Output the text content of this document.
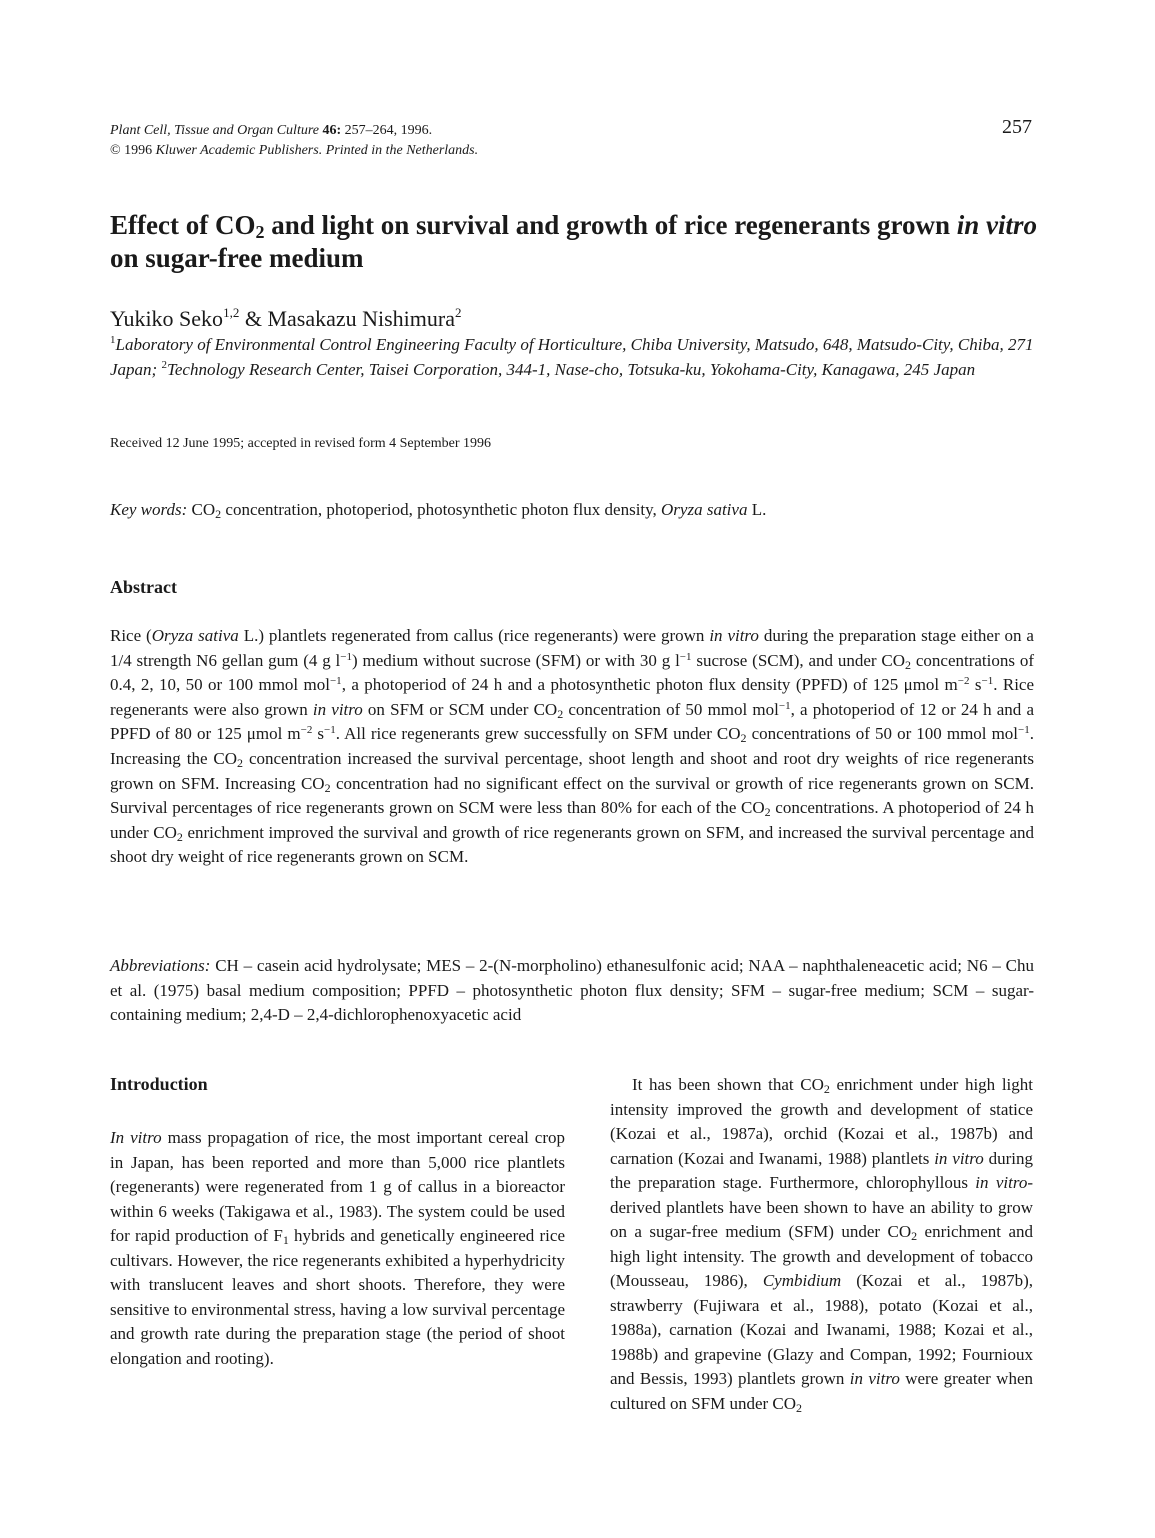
Plant Cell, Tissue and Organ Culture 46: 257–264, 1996.
© 1996 Kluwer Academic Publishers. Printed in the Netherlands.
257
Effect of $CO_2$ and light on survival and growth of rice regenerants grown in vitro on sugar-free medium
Yukiko Seko$^{1,2}$ & Masakazu Nishimura$^2$
$^1$Laboratory of Environmental Control Engineering Faculty of Horticulture, Chiba University, Matsudo, 648, Matsudo-City, Chiba, 271 Japan; $^2$Technology Research Center, Taisei Corporation, 344-1, Nase-cho, Totsuka-ku, Yokohama-City, Kanagawa, 245 Japan
Received 12 June 1995; accepted in revised form 4 September 1996
Key words: $CO_2$ concentration, photoperiod, photosynthetic photon flux density, Oryza sativa L.
Abstract
Rice (Oryza sativa L.) plantlets regenerated from callus (rice regenerants) were grown in vitro during the preparation stage either on a 1/4 strength N6 gellan gum (4 g $l^{-1}$) medium without sucrose (SFM) or with 30 g $l^{-1}$ sucrose (SCM), and under $CO_2$ concentrations of 0.4, 2, 10, 50 or 100 mmol mol$^{-1}$, a photoperiod of 24 h and a photosynthetic photon flux density (PPFD) of 125 μmol $m^{-2}$ $s^{-1}$. Rice regenerants were also grown in vitro on SFM or SCM under $CO_2$ concentration of 50 mmol mol$^{-1}$, a photoperiod of 12 or 24 h and a PPFD of 80 or 125 μmol $m^{-2}$ $s^{-1}$. All rice regenerants grew successfully on SFM under $CO_2$ concentrations of 50 or 100 mmol mol$^{-1}$. Increasing the $CO_2$ concentration increased the survival percentage, shoot length and shoot and root dry weights of rice regenerants grown on SFM. Increasing $CO_2$ concentration had no significant effect on the survival or growth of rice regenerants grown on SCM. Survival percentages of rice regenerants grown on SCM were less than 80% for each of the $CO_2$ concentrations. A photoperiod of 24 h under $CO_2$ enrichment improved the survival and growth of rice regenerants grown on SFM, and increased the survival percentage and shoot dry weight of rice regenerants grown on SCM.
Abbreviations: CH – casein acid hydrolysate; MES – 2-(N-morpholino) ethanesulfonic acid; NAA – naphthaleneacetic acid; N6 – Chu et al. (1975) basal medium composition; PPFD – photosynthetic photon flux density; SFM – sugar-free medium; SCM – sugar-containing medium; 2,4-D – 2,4-dichlorophenoxyacetic acid
Introduction
In vitro mass propagation of rice, the most important cereal crop in Japan, has been reported and more than 5,000 rice plantlets (regenerants) were regenerated from 1 g of callus in a bioreactor within 6 weeks (Takigawa et al., 1983). The system could be used for rapid production of $F_1$ hybrids and genetically engineered rice cultivars. However, the rice regenerants exhibited a hyperhydricity with translucent leaves and short shoots. Therefore, they were sensitive to environmental stress, having a low survival percentage and growth rate during the preparation stage (the period of shoot elongation and rooting).
It has been shown that $CO_2$ enrichment under high light intensity improved the growth and development of statice (Kozai et al., 1987a), orchid (Kozai et al., 1987b) and carnation (Kozai and Iwanami, 1988) plantlets in vitro during the preparation stage. Furthermore, chlorophyllous in vitro-derived plantlets have been shown to have an ability to grow on a sugar-free medium (SFM) under $CO_2$ enrichment and high light intensity. The growth and development of tobacco (Mousseau, 1986), Cymbidium (Kozai et al., 1987b), strawberry (Fujiwara et al., 1988), potato (Kozai et al., 1988a), carnation (Kozai and Iwanami, 1988; Kozai et al., 1988b) and grapevine (Glazy and Compan, 1992; Fournioux and Bessis, 1993) plantlets grown in vitro were greater when cultured on SFM under $CO_2$
